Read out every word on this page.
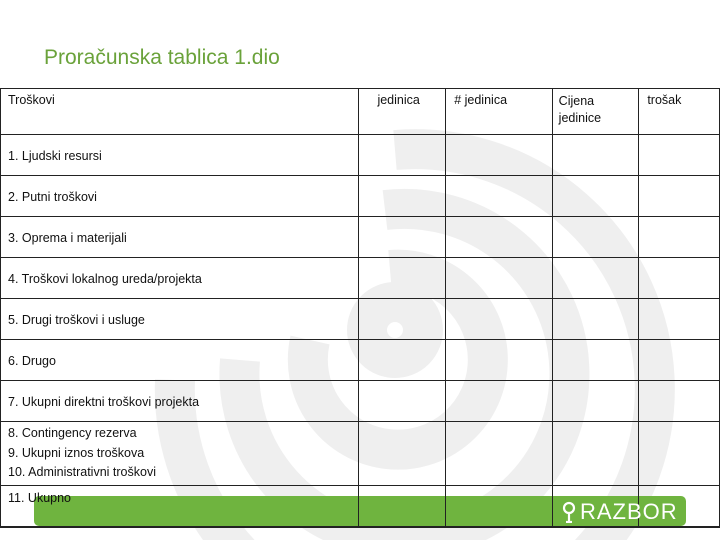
Proračunska tablica 1.dio
RAZBOR
Troškovi	jedinica	# jedinica	Cijena jedinice	trošak

1. Ljudski resursi				

2. Putni troškovi				

3. Oprema i materijali				

4. Troškovi lokalnog ureda/projekta				

5. Drugi troškovi i usluge				

6. Drugo				

7. Ukupni direktni troškovi projekta				

8. Contingency rezerva
9. Ukupni iznos troškova
10. Administrativni troškovi				

11. Ukupno				
